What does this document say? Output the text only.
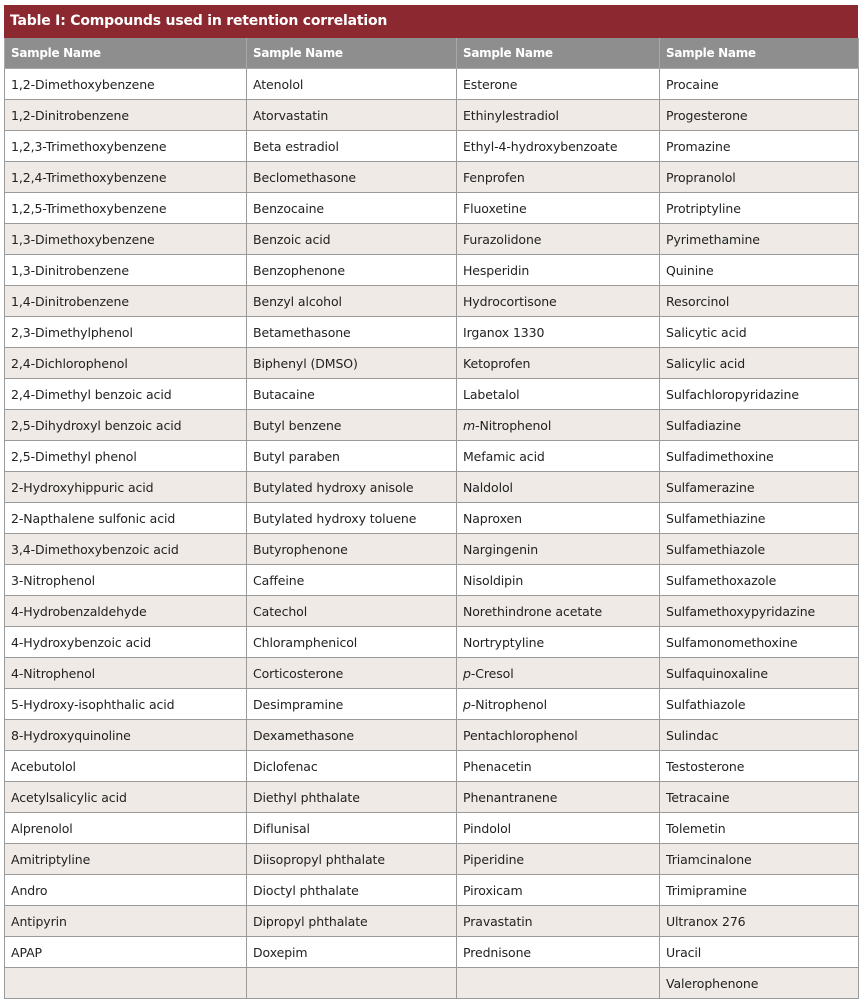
Table I: Compounds used in retention correlation
Sample Name	Sample Name	Sample Name	Sample Name
1,2-Dimethoxybenzene	Atenolol	Esterone	Procaine
1,2-Dinitrobenzene	Atorvastatin	Ethinylestradiol	Progesterone
1,2,3-Trimethoxybenzene	Beta estradiol	Ethyl-4-hydroxybenzoate	Promazine
1,2,4-Trimethoxybenzene	Beclomethasone	Fenprofen	Propranolol
1,2,5-Trimethoxybenzene	Benzocaine	Fluoxetine	Protriptyline
1,3-Dimethoxybenzene	Benzoic acid	Furazolidone	Pyrimethamine
1,3-Dinitrobenzene	Benzophenone	Hesperidin	Quinine
1,4-Dinitrobenzene	Benzyl alcohol	Hydrocortisone	Resorcinol
2,3-Dimethylphenol	Betamethasone	Irganox 1330	Salicytic acid
2,4-Dichlorophenol	Biphenyl (DMSO)	Ketoprofen	Salicylic acid
2,4-Dimethyl benzoic acid	Butacaine	Labetalol	Sulfachloropyridazine
2,5-Dihydroxyl benzoic acid	Butyl benzene	m-Nitrophenol	Sulfadiazine
2,5-Dimethyl phenol	Butyl paraben	Mefamic acid	Sulfadimethoxine
2-Hydroxyhippuric acid	Butylated hydroxy anisole	Naldolol	Sulfamerazine
2-Napthalene sulfonic acid	Butylated hydroxy toluene	Naproxen	Sulfamethiazine
3,4-Dimethoxybenzoic acid	Butyrophenone	Nargingenin	Sulfamethiazole
3-Nitrophenol	Caffeine	Nisoldipin	Sulfamethoxazole
4-Hydrobenzaldehyde	Catechol	Norethindrone acetate	Sulfamethoxypyridazine
4-Hydroxybenzoic acid	Chloramphenicol	Nortryptyline	Sulfamonomethoxine
4-Nitrophenol	Corticosterone	p-Cresol	Sulfaquinoxaline
5-Hydroxy-isophthalic acid	Desimpramine	p-Nitrophenol	Sulfathiazole
8-Hydroxyquinoline	Dexamethasone	Pentachlorophenol	Sulindac
Acebutolol	Diclofenac	Phenacetin	Testosterone
Acetylsalicylic acid	Diethyl phthalate	Phenantranene	Tetracaine
Alprenolol	Diflunisal	Pindolol	Tolemetin
Amitriptyline	Diisopropyl phthalate	Piperidine	Triamcinalone
Andro	Dioctyl phthalate	Piroxicam	Trimipramine
Antipyrin	Dipropyl phthalate	Pravastatin	Ultranox 276
APAP	Doxepim	Prednisone	Uracil
			Valerophenone
